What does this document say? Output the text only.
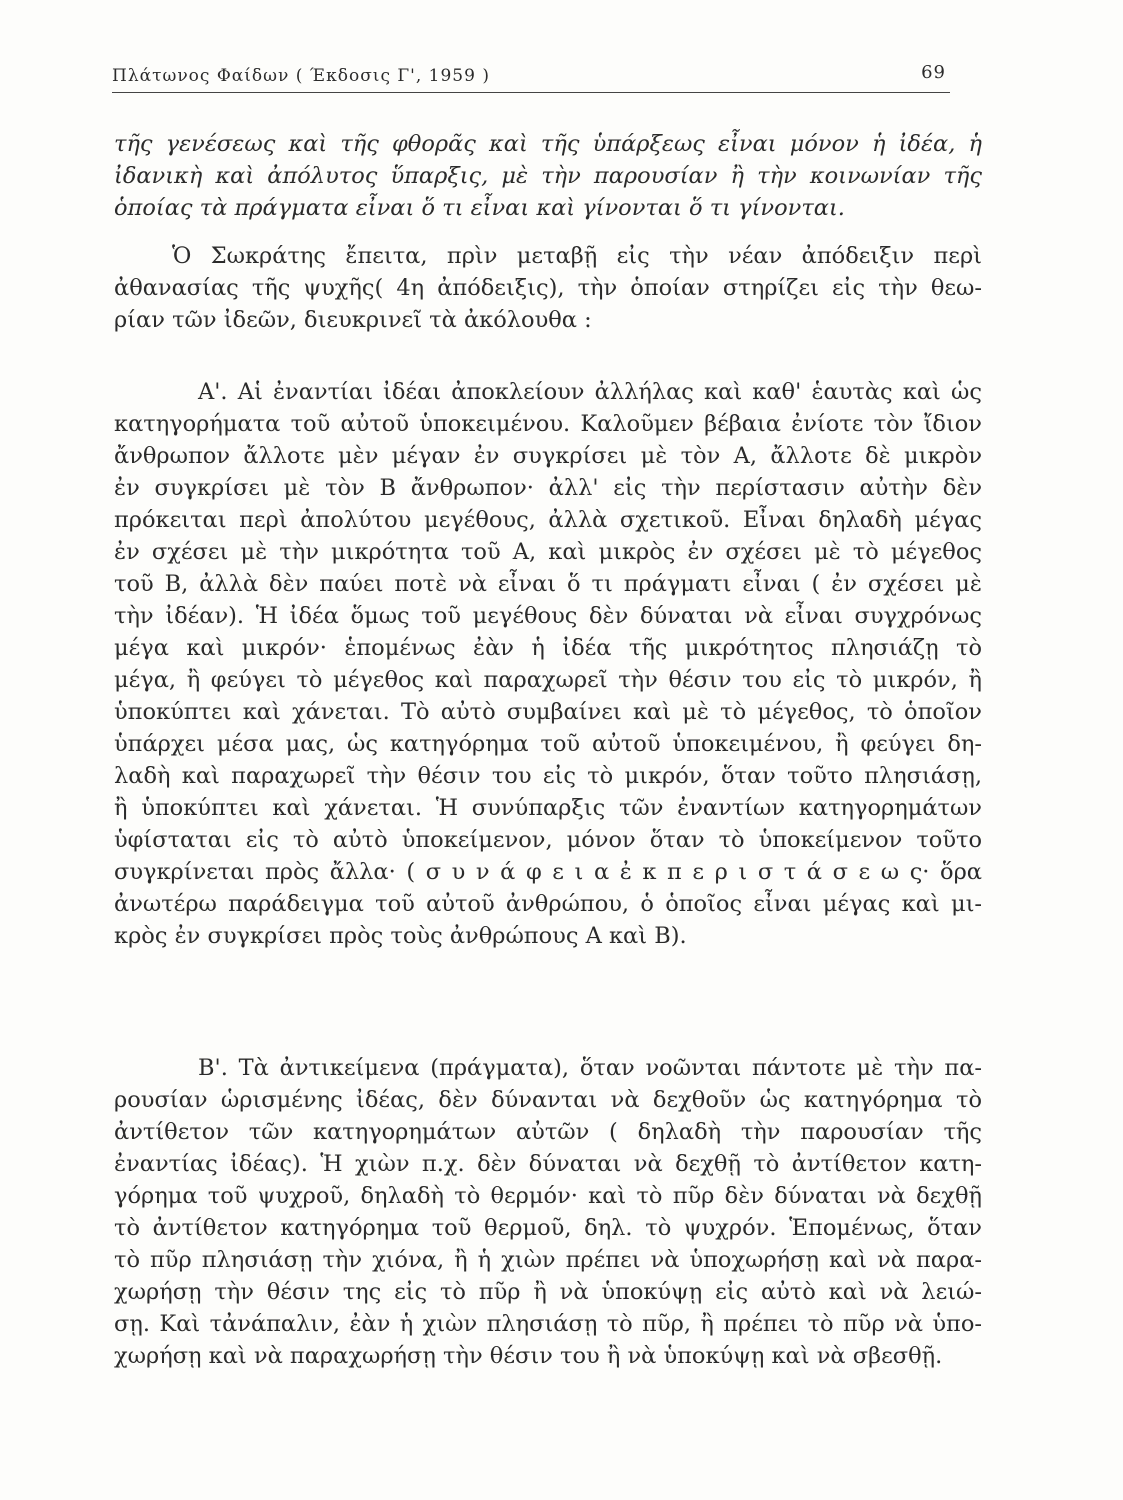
Πλάτωνος Φαίδων ( Έκδοσις Γ', 1959 )	69
τῆς γενέσεως καὶ τῆς φθορᾶς καὶ τῆς ὑπάρξεως εἶναι μόνον ἡ ἰδέα, ἡ
ἰδανικὴ καὶ ἀπόλυτος ὕπαρξις, μὲ τὴν παρουσίαν ἢ τὴν κοινωνίαν τῆς
ὁποίας τὰ πράγματα εἶναι ὅ τι εἶναι καὶ γίνονται ὅ τι γίνονται.
Ὁ Σωκράτης ἔπειτα, πρὶν μεταβῇ εἰς τὴν νέαν ἀπόδειξιν περὶ
ἀθανασίας τῆς ψυχῆς( 4η ἀπόδειξις), τὴν ὁποίαν στηρίζει εἰς τὴν θεω-
ρίαν τῶν ἰδεῶν, διευκρινεῖ τὰ ἀκόλουθα :
Α'. Αἱ ἐναντίαι ἰδέαι ἀποκλείουν ἀλλήλας καὶ καθ' ἑαυτὰς καὶ ὡς
κατηγορήματα τοῦ αὐτοῦ ὑποκειμένου. Καλοῦμεν βέβαια ἐνίοτε τὸν ἴδιον
ἄνθρωπον ἄλλοτε μὲν μέγαν ἐν συγκρίσει μὲ τὸν Α, ἄλλοτε δὲ μικρὸν
ἐν συγκρίσει μὲ τὸν Β ἄνθρωπον· ἀλλ' εἰς τὴν περίστασιν αὐτὴν δὲν
πρόκειται περὶ ἀπολύτου μεγέθους, ἀλλὰ σχετικοῦ. Εἶναι δηλαδὴ μέγας
ἐν σχέσει μὲ τὴν μικρότητα τοῦ Α, καὶ μικρὸς ἐν σχέσει μὲ τὸ μέγεθος
τοῦ Β, ἀλλὰ δὲν παύει ποτὲ νὰ εἶναι ὅ τι πράγματι εἶναι ( ἐν σχέσει μὲ
τὴν ἰδέαν). Ἡ ἰδέα ὅμως τοῦ μεγέθους δὲν δύναται νὰ εἶναι συγχρόνως
μέγα καὶ μικρόν· ἑπομένως ἐὰν ἡ ἰδέα τῆς μικρότητος πλησιάζῃ τὸ
μέγα, ἢ φεύγει τὸ μέγεθος καὶ παραχωρεῖ τὴν θέσιν του εἰς τὸ μικρόν, ἢ
ὑποκύπτει καὶ χάνεται. Τὸ αὐτὸ συμβαίνει καὶ μὲ τὸ μέγεθος, τὸ ὁποῖον
ὑπάρχει μέσα μας, ὡς κατηγόρημα τοῦ αὐτοῦ ὑποκειμένου, ἢ φεύγει δη-
λαδὴ καὶ παραχωρεῖ τὴν θέσιν του εἰς τὸ μικρόν, ὅταν τοῦτο πλησιάσῃ,
ἢ ὑποκύπτει καὶ χάνεται. Ἡ συνύπαρξις τῶν ἐναντίων κατηγορημάτων
ὑφίσταται εἰς τὸ αὐτὸ ὑποκείμενον, μόνον ὅταν τὸ ὑποκείμενον τοῦτο
συγκρίνεται πρὸς ἄλλα· ( σ υ ν ά φ ε ι α ἐ κ π ε ρ ι σ τ ά σ ε ω ς· ὅρα
ἀνωτέρω παράδειγμα τοῦ αὐτοῦ ἀνθρώπου, ὁ ὁποῖος εἶναι μέγας καὶ μι-
κρὸς ἐν συγκρίσει πρὸς τοὺς ἀνθρώπους Α καὶ Β).
Β'. Τὰ ἀντικείμενα (πράγματα), ὅταν νοῶνται πάντοτε μὲ τὴν πα-
ρουσίαν ὡρισμένης ἰδέας, δὲν δύνανται νὰ δεχθοῦν ὡς κατηγόρημα τὸ
ἀντίθετον τῶν κατηγορημάτων αὐτῶν ( δηλαδὴ τὴν παρουσίαν τῆς
ἐναντίας ἰδέας). Ἡ χιὼν π.χ. δὲν δύναται νὰ δεχθῇ τὸ ἀντίθετον κατη-
γόρημα τοῦ ψυχροῦ, δηλαδὴ τὸ θερμόν· καὶ τὸ πῦρ δὲν δύναται νὰ δεχθῇ
τὸ ἀντίθετον κατηγόρημα τοῦ θερμοῦ, δηλ. τὸ ψυχρόν. Ἑπομένως, ὅταν
τὸ πῦρ πλησιάσῃ τὴν χιόνα, ἢ ἡ χιὼν πρέπει νὰ ὑποχωρήσῃ καὶ νὰ παρα-
χωρήσῃ τὴν θέσιν της εἰς τὸ πῦρ ἢ νὰ ὑποκύψῃ εἰς αὐτὸ καὶ νὰ λειώ-
σῃ. Καὶ τἀνάπαλιν, ἐὰν ἡ χιὼν πλησιάσῃ τὸ πῦρ, ἢ πρέπει τὸ πῦρ νὰ ὑπο-
χωρήσῃ καὶ νὰ παραχωρήσῃ τὴν θέσιν του ἢ νὰ ὑποκύψῃ καὶ νὰ σβεσθῇ.
